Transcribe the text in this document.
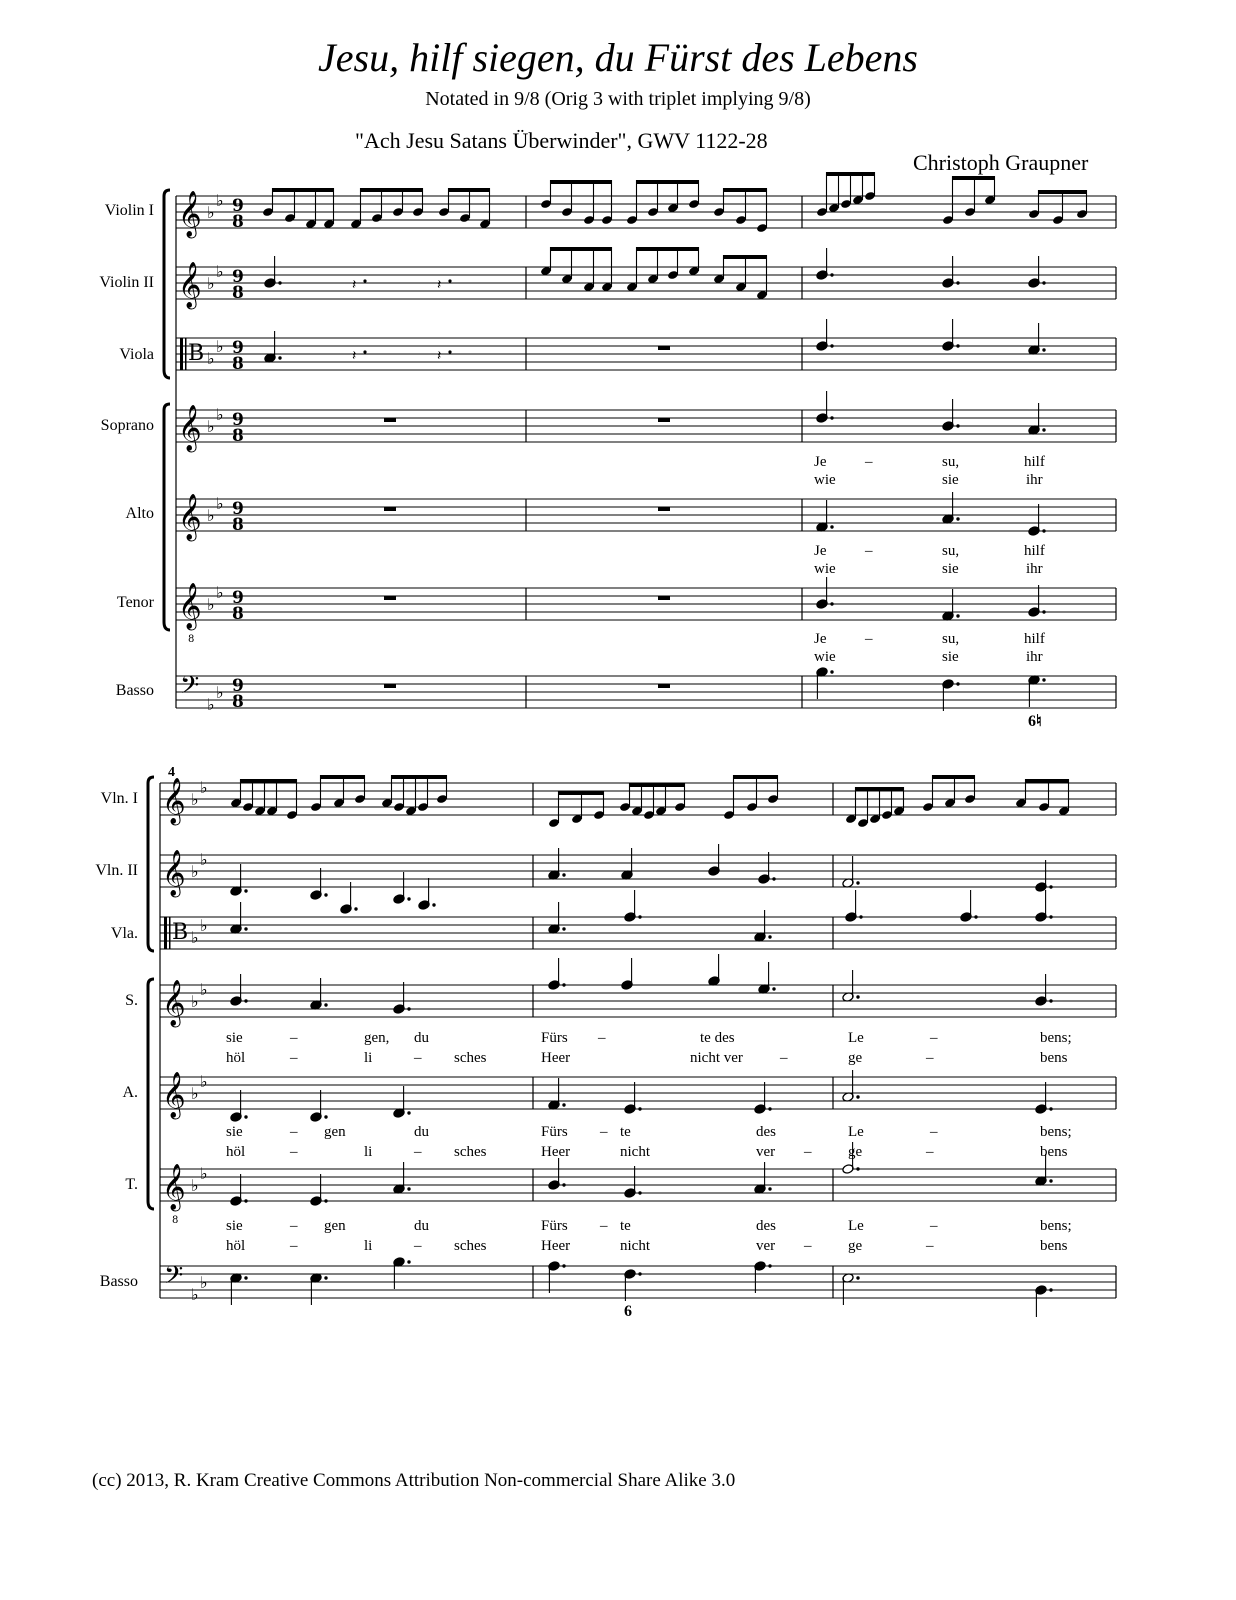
Jesu, hilf siegen, du Fürst des Lebens
Notated in 9/8 (Orig 3 with triplet implying 9/8)
"Ach Jesu Satans Überwinder", GWV 1122-28
Christoph Graupner
Violin I
Violin II
Viola
Soprano
Alto
Tenor
Basso
Vln. I
Vln. II
Vla.
S.
A.
T.
Basso
(cc) 2013, R. Kram Creative Commons Attribution Non-commercial Share Alike 3.0
𝄞 ♭
♭ 9
8
𝄞 ♭
♭ 9
8
B ♭
♭ 9
8
𝄞 ♭
♭ 9
8
𝄞 ♭
♭ 9
8
𝄞
8
♭
♭ 9
8
𝄢 ♭
♭ 9
8
𝄽	𝄽
𝄽	𝄽
𝄞 ♭
♭
𝄞 ♭
♭
B ♭
♭
𝄞 ♭
♭
𝄞 ♭
♭
𝄞
8
♭
♭
𝄢 ♭
♭
sie	–	gen, du	Fürs –	te des	Le	–	bens;
höl	–	li	– sches	Heer	nicht ver –	ge	–	bens
sie	– gen	du	Fürs – te	des	Le	–	bens;
höl	–	li	– sches	Heer	nicht	ver – ge	–	bens
sie	– gen	du	Fürs – te	des	Le	–	bens;
höl	–	li	– sches	Heer	nicht	ver – ge	–	bens
Je	–	su,	hilf
wie	sie	ihr
Je	–	su,	hilf
wie	sie	ihr
Je	–	su,	hilf
wie	sie	ihr
6♮
4
6
